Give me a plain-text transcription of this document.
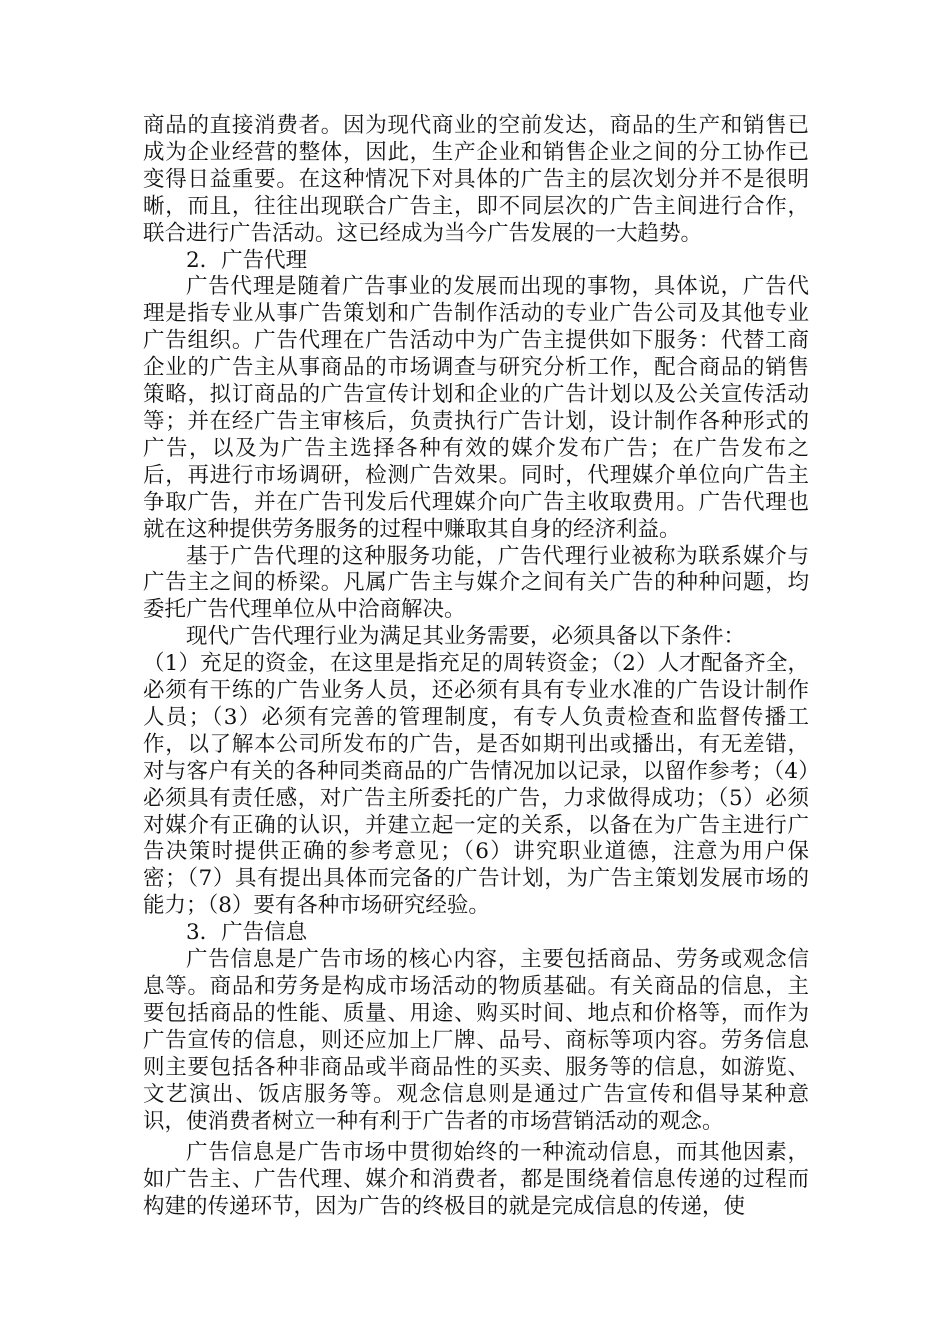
商品的直接消费者。因为现代商业的空前发达，商品的生产和销售已成为企业经营的整体，因此，生产企业和销售企业之间的分工协作已变得日益重要。在这种情况下对具体的广告主的层次划分并不是很明晰，而且，往往出现联合广告主，即不同层次的广告主间进行合作，联合进行广告活动。这已经成为当今广告发展的一大趋势。

2．广告代理

广告代理是随着广告事业的发展而出现的事物，具体说，广告代理是指专业从事广告策划和广告制作活动的专业广告公司及其他专业广告组织。广告代理在广告活动中为广告主提供如下服务：代替工商企业的广告主从事商品的市场调查与研究分析工作，配合商品的销售策略，拟订商品的广告宣传计划和企业的广告计划以及公关宣传活动等；并在经广告主审核后，负责执行广告计划，设计制作各种形式的广告，以及为广告主选择各种有效的媒介发布广告；在广告发布之后，再进行市场调研，检测广告效果。同时，代理媒介单位向广告主争取广告，并在广告刊发后代理媒介向广告主收取费用。广告代理也就在这种提供劳务服务的过程中赚取其自身的经济利益。

基于广告代理的这种服务功能，广告代理行业被称为联系媒介与广告主之间的桥梁。凡属广告主与媒介之间有关广告的种种问题，均委托广告代理单位从中洽商解决。

现代广告代理行业为满足其业务需要，必须具备以下条件：

（1）充足的资金，在这里是指充足的周转资金；（2）人才配备齐全，必须有干练的广告业务人员，还必须有具有专业水准的广告设计制作人员；（3）必须有完善的管理制度，有专人负责检查和监督传播工作，以了解本公司所发布的广告，是否如期刊出或播出，有无差错，对与客户有关的各种同类商品的广告情况加以记录，以留作参考；（4）必须具有责任感，对广告主所委托的广告，力求做得成功；（5）必须对媒介有正确的认识，并建立起一定的关系，以备在为广告主进行广告决策时提供正确的参考意见；（6）讲究职业道德，注意为用户保密；（7）具有提出具体而完备的广告计划，为广告主策划发展市场的能力；（8）要有各种市场研究经验。

3．广告信息

广告信息是广告市场的核心内容，主要包括商品、劳务或观念信息等。商品和劳务是构成市场活动的物质基础。有关商品的信息，主要包括商品的性能、质量、用途、购买时间、地点和价格等，而作为广告宣传的信息，则还应加上厂牌、品号、商标等项内容。劳务信息则主要包括各种非商品或半商品性的买卖、服务等的信息，如游览、文艺演出、饭店服务等。观念信息则是通过广告宣传和倡导某种意识，使消费者树立一种有利于广告者的市场营销活动的观念。

广告信息是广告市场中贯彻始终的一种流动信息，而其他因素，如广告主、广告代理、媒介和消费者，都是围绕着信息传递的过程而构建的传递环节，因为广告的终极目的就是完成信息的传递，使
